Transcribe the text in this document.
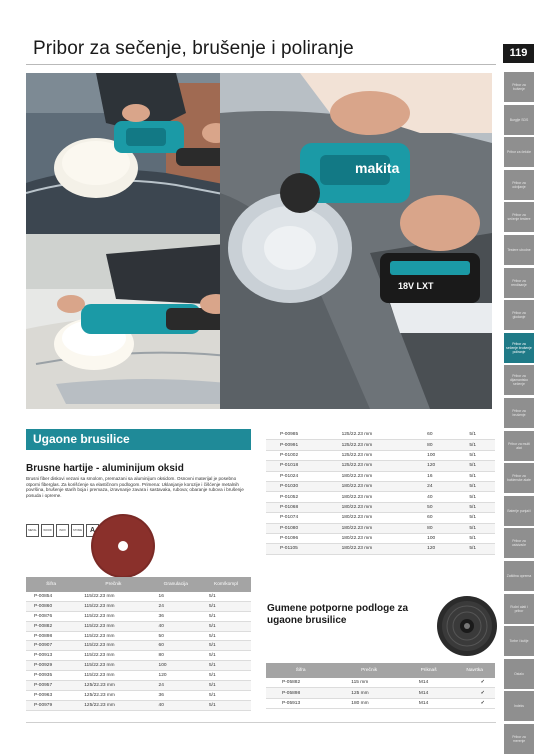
Pribor za sečenje, brušenje i poliranje	119
Pribor za bušenje
Burgije SDS
Pribor za čekiće
Pribor za odvijanje
Pribor za sečenje testere
Testere ubodne
Pribor za rendisanje
Pribor za glodanje
Pribor za sečenje brušenje poliranje
Pribor za dijamantsko sečenje
Pribor za brušenje
Pribor za multi alat
Pribor za baštenske alate
Baterije punjači
Pribor za usisivače
Zaštitna oprema
Ručni alati i pribor
Torbe i kutije
Ostalo
Indeks
Pribor za merenje
makita
18V LXT
Ugaone brusilice
Brusne hartije - aluminijum oksid
Brusni fiber diskovi vezani sa smolom, premazani sa aluminijum oksidom. Osnovni materijal je posebno otporni fiberglas. Za korišćenje sa elastičnom podlogom. Primena: Uklanjanje korozije i čišćenje metalnih površina, brušenje starih boja i premaza, izravnanje zavara i sastavaka, rubova; obaranje rubova i brušenje posuda i opreme.
METAL	WOOD	INOX	STONE	A
Šifra	Prečnik	Granulacija	Kom/kompl
P-00854	115/22.23 mm	16	5/1
P-00860	115/22.23 mm	24	5/1
P-00876	115/22.23 mm	36	5/1
P-00882	115/22.23 mm	40	5/1
P-00898	115/22.23 mm	50	5/1
P-00907	115/22.23 mm	60	5/1
P-00913	115/22.23 mm	80	5/1
P-00929	115/22.23 mm	100	5/1
P-00935	115/22.23 mm	120	5/1
P-00957	125/22.23 mm	24	5/1
P-00963	125/22.23 mm	36	5/1
P-00979	125/22.23 mm	40	5/1
P-00985	125/22.23 mm	60	5/1
P-00991	125/22.23 mm	80	5/1
P-01002	125/22.23 mm	100	5/1
P-01018	125/22.23 mm	120	5/1
P-01024	180/22.23 mm	16	5/1
P-01030	180/22.23 mm	24	5/1
P-01052	180/22.23 mm	40	5/1
P-01068	180/22.23 mm	50	5/1
P-01074	180/22.23 mm	60	5/1
P-01080	180/22.23 mm	80	5/1
P-01096	180/22.23 mm	100	5/1
P-01105	180/22.23 mm	120	5/1
Gumene potporne podloge za ugaone brusilice
Šifra	Prečnik	Priknaš	Navrtka
P-05882	115 mm	M14	✓
P-05898	125 mm	M14	✓
P-05913	180 mm	M14	✓
